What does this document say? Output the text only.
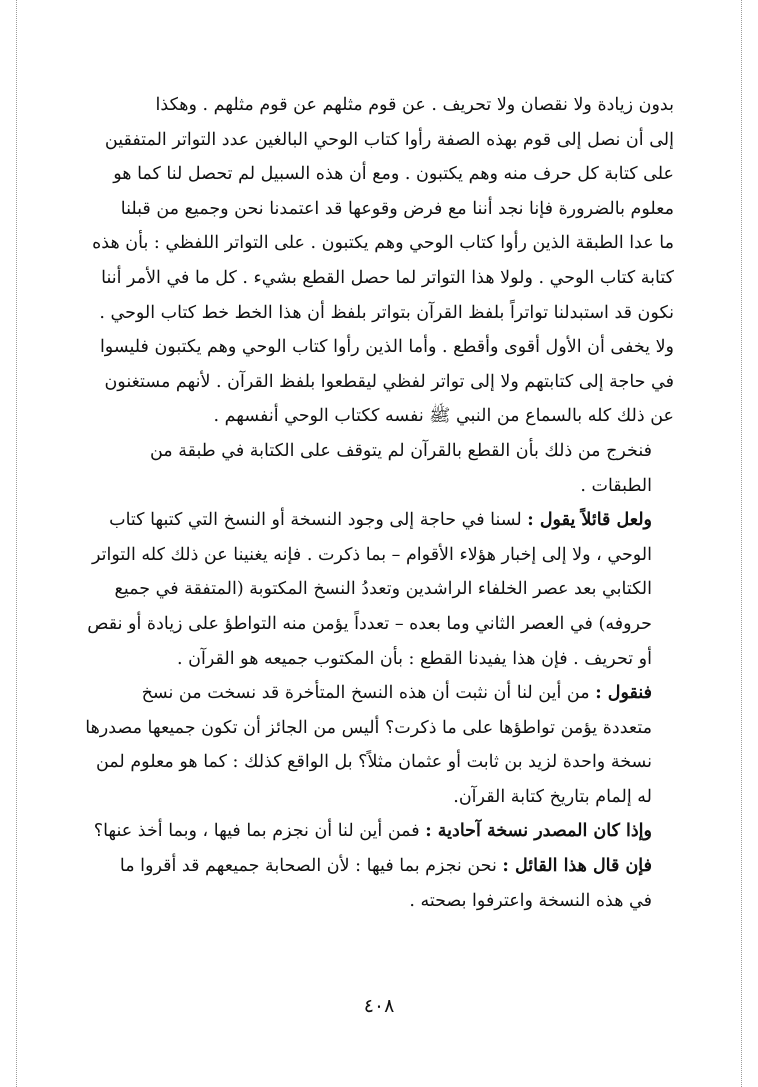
بدون زيادة ولا نقصان ولا تحريف . عن قوم مثلهم عن قوم مثلهم . وهكذا
إلى أن نصل إلى قوم بهذه الصفة رأوا كتاب الوحي البالغين عدد التواتر المتفقين
على كتابة كل حرف منه وهم يكتبون . ومع أن هذه السبيل لم تحصل لنا كما هو
معلوم بالضرورة فإنا نجد أننا مع فرض وقوعها قد اعتمدنا نحن وجميع من قبلنا
ما عدا الطبقة الذين رأوا كتاب الوحي وهم يكتبون . على التواتر اللفظي : بأن هذه
كتابة كتاب الوحي . ولولا هذا التواتر لما حصل القطع بشيء . كل ما في الأمر أننا
نكون قد استبدلنا تواتراً بلفظ القرآن بتواتر بلفظ أن هذا الخط خط كتاب الوحي .
ولا يخفى أن الأول أقوى وأقطع . وأما الذين رأوا كتاب الوحي وهم يكتبون فليسوا
في حاجة إلى كتابتهم ولا إلى تواتر لفظي ليقطعوا بلفظ القرآن . لأنهم مستغنون
عن ذلك كله بالسماع من النبي ﷺ نفسه ككتاب الوحي أنفسهم .
فنخرج من ذلك بأن القطع بالقرآن لم يتوقف على الكتابة في طبقة من
الطبقات .
ولعل قائلاً يقول : لسنا في حاجة إلى وجود النسخة أو النسخ التي كتبها كتاب
الوحي ، ولا إلى إخبار هؤلاء الأقوام – بما ذكرت . فإنه يغنينا عن ذلك كله التواتر
الكتابي بعد عصر الخلفاء الراشدين وتعددُ النسخ المكتوبة (المتفقة في جميع
حروفه) في العصر الثاني وما بعده – تعدداً يؤمن منه التواطؤ على زيادة أو نقص
أو تحريف . فإن هذا يفيدنا القطع : بأن المكتوب جميعه هو القرآن .
فنقول : من أين لنا أن نثبت أن هذه النسخ المتأخرة قد نسخت من نسخ
متعددة يؤمن تواطؤها على ما ذكرت؟ أليس من الجائز أن تكون جميعها مصدرها
نسخة واحدة لزيد بن ثابت أو عثمان مثلاً؟ بل الواقع كذلك : كما هو معلوم لمن
له إلمام بتاريخ كتابة القرآن.
وإذا كان المصدر نسخة آحادية : فمن أين لنا أن نجزم بما فيها ، وبما أخذ عنها؟
فإن قال هذا القائل : نحن نجزم بما فيها : لأن الصحابة جميعهم قد أقروا ما
في هذه النسخة واعترفوا بصحته .
٤٠٨
